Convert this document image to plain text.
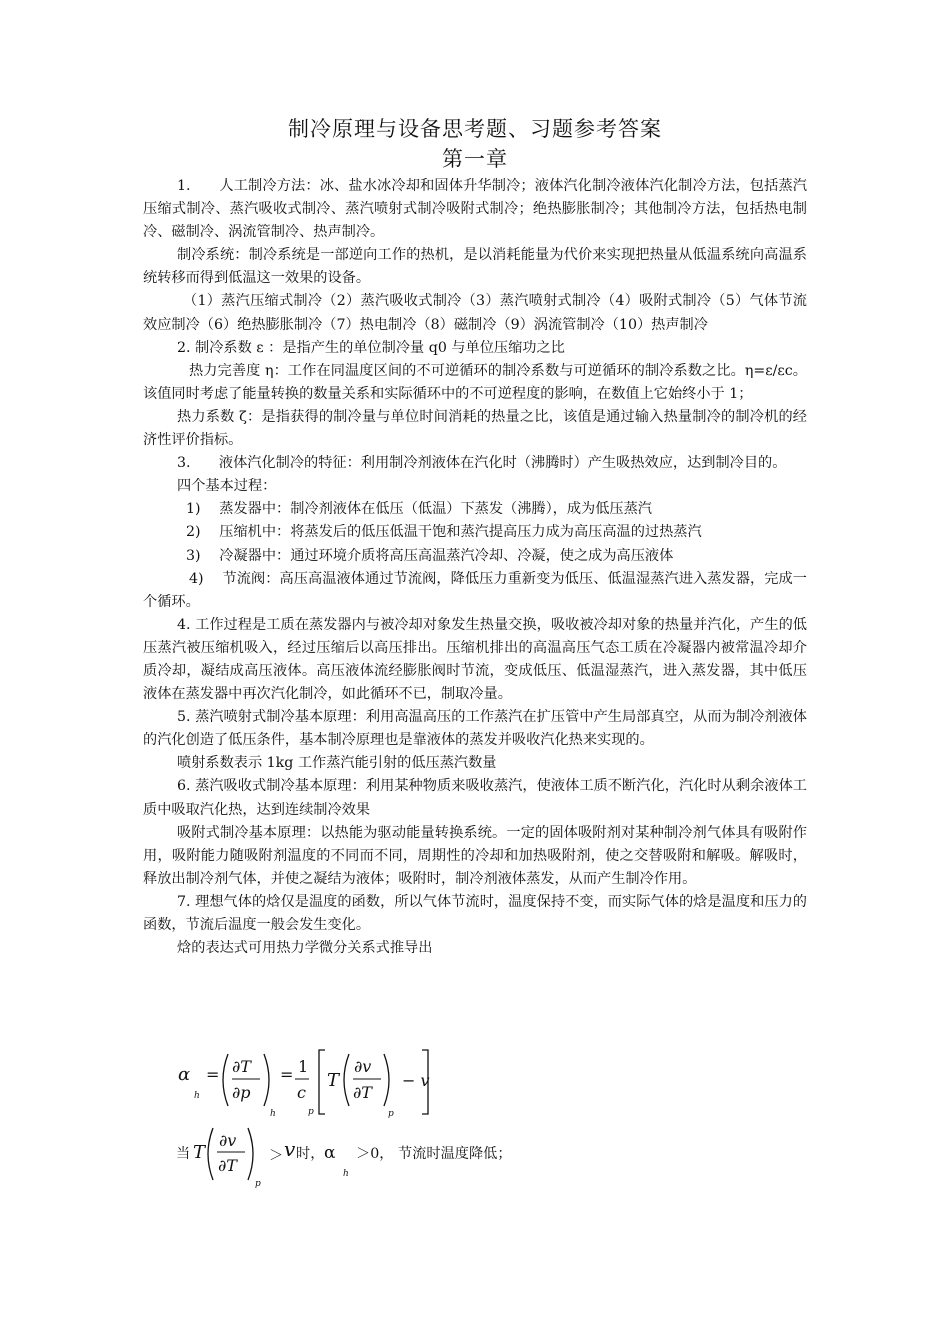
制冷原理与设备思考题、习题参考答案
第一章

1.　　人工制冷方法：冰、盐水冰冷却和固体升华制冷；液体汽化制冷液体汽化制冷方法，包括蒸汽压缩式制冷、蒸汽吸收式制冷、蒸汽喷射式制冷吸附式制冷；绝热膨胀制冷；其他制冷方法，包括热电制冷、磁制冷、涡流管制冷、热声制冷。

制冷系统：制冷系统是一部逆向工作的热机，是以消耗能量为代价来实现把热量从低温系统向高温系统转移而得到低温这一效果的设备。

（1）蒸汽压缩式制冷（2）蒸汽吸收式制冷（3）蒸汽喷射式制冷（4）吸附式制冷（5）气体节流效应制冷（6）绝热膨胀制冷（7）热电制冷（8）磁制冷（9）涡流管制冷（10）热声制冷

2. 制冷系数 ε ：是指产生的单位制冷量 q0 与单位压缩功之比

热力完善度 η：工作在同温度区间的不可逆循环的制冷系数与可逆循环的制冷系数之比。η=ε/εc。该值同时考虑了能量转换的数量关系和实际循环中的不可逆程度的影响，在数值上它始终小于 1；

热力系数 ζ：是指获得的制冷量与单位时间消耗的热量之比，该值是通过输入热量制冷的制冷机的经济性评价指标。

3.　　液体汽化制冷的特征：利用制冷剂液体在汽化时（沸腾时）产生吸热效应，达到制冷目的。

四个基本过程：

1)　 蒸发器中：制冷剂液体在低压（低温）下蒸发（沸腾），成为低压蒸汽

2)　 压缩机中：将蒸发后的低压低温干饱和蒸汽提高压力成为高压高温的过热蒸汽

3)　 冷凝器中：通过环境介质将高压高温蒸汽冷却、冷凝，使之成为高压液体

4)　 节流阀：高压高温液体通过节流阀，降低压力重新变为低压、低温湿蒸汽进入蒸发器，完成一个循环。

4. 工作过程是工质在蒸发器内与被冷却对象发生热量交换，吸收被冷却对象的热量并汽化，产生的低压蒸汽被压缩机吸入，经过压缩后以高压排出。压缩机排出的高温高压气态工质在冷凝器内被常温冷却介质冷却，凝结成高压液体。高压液体流经膨胀阀时节流，变成低压、低温湿蒸汽，进入蒸发器，其中低压液体在蒸发器中再次汽化制冷，如此循环不已，制取冷量。

5. 蒸汽喷射式制冷基本原理：利用高温高压的工作蒸汽在扩压管中产生局部真空，从而为制冷剂液体的汽化创造了低压条件，基本制冷原理也是靠液体的蒸发并吸收汽化热来实现的。

喷射系数表示 1kg 工作蒸汽能引射的低压蒸汽数量

6. 蒸汽吸收式制冷基本原理：利用某种物质来吸收蒸汽，使液体工质不断汽化，汽化时从剩余液体工质中吸取汽化热，达到连续制冷效果

吸附式制冷基本原理：以热能为驱动能量转换系统。一定的固体吸附剂对某种制冷剂气体具有吸附作用，吸附能力随吸附剂温度的不同而不同，周期性的冷却和加热吸附剂，使之交替吸附和解吸。解吸时，释放出制冷剂气体，并使之凝结为液体；吸附时，制冷剂液体蒸发，从而产生制冷作用。

7. 理想气体的焓仅是温度的函数，所以气体节流时，温度保持不变，而实际气体的焓是温度和压力的函数，节流后温度一般会发生变化。

焓的表达式可用热力学微分关系式推导出

α
h
= ∂T
∂p
h
= 1
c
p
T
∂v
∂T
p
− v
当 T
∂v
∂T
p
＞ v 时， α
h
＞0， 节流时温度降低；
